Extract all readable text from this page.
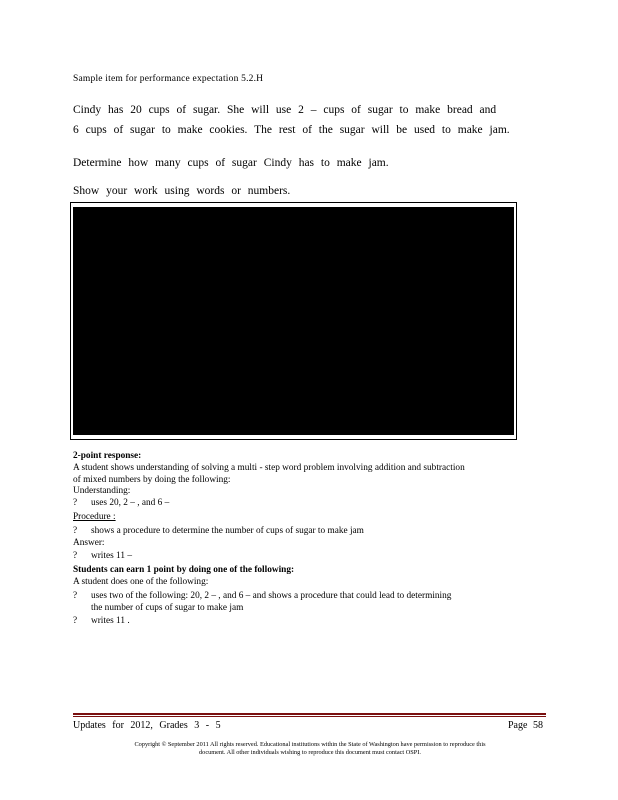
Sample item for performance expectation 5.2.H
Cindy has 20 cups of sugar. She will use 2 – cups of sugar to make bread and
6 cups of sugar to make cookies. The rest of the sugar will be used to make jam.
Determine how many cups of sugar Cindy has to make jam.
Show your work using words or numbers.
2-point response:
A student shows understanding of solving a multi - step word problem involving addition and subtraction
of mixed numbers by doing the following:
Understanding:
? uses 20, 2 – , and 6 –
Procedure :
? shows a procedure to determine the number of cups of sugar to make jam
Answer:
? writes 11 –
Students can earn 1 point by doing one of the following:
A student does one of the following:
? uses two of the following: 20, 2 – , and 6 – and shows a procedure that could lead to determining
the number of cups of sugar to make jam
? writes 11 .
Updates for 2012, Grades 3 - 5	Page 58
Copyright © September 2011 All rights reserved. Educational institutions within the State of Washington have permission to reproduce this
document. All other individuals wishing to reproduce this document must contact OSPI.
